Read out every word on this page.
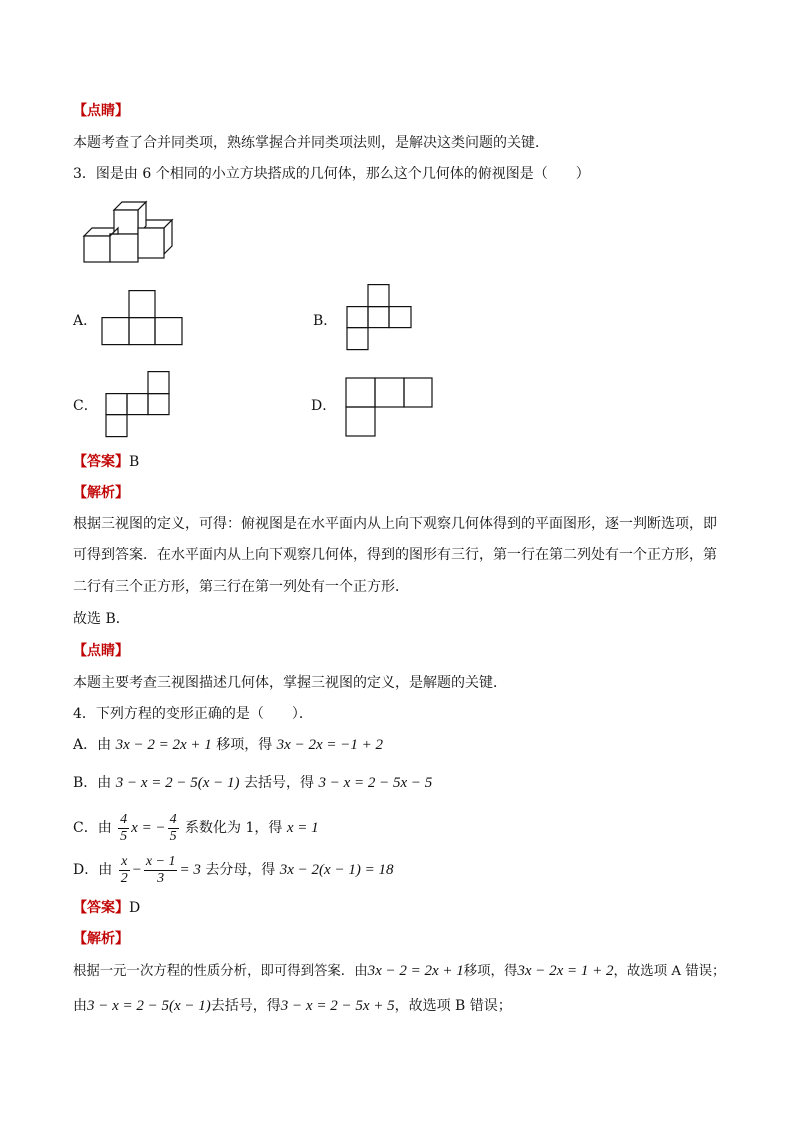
【点睛】
本题考查了合并同类项，熟练掌握合并同类项法则，是解决这类问题的关键．
3．图是由 6 个相同的小立方块搭成的几何体，那么这个几何体的俯视图是（　　）
A．	B．
C．	D．
【答案】B
【解析】
根据三视图的定义，可得：俯视图是在水平面内从上向下观察几何体得到的平面图形，逐一判断选项，即
可得到答案．在水平面内从上向下观察几何体，得到的图形有三行，第一行在第二列处有一个正方形，第
二行有三个正方形，第三行在第一列处有一个正方形．
故选 B．
【点睛】
本题主要考查三视图描述几何体，掌握三视图的定义，是解题的关键．
4．下列方程的变形正确的是（　　）．
A．由 3x − 2 = 2x + 1 移项，得 3x − 2x = −1 + 2
B．由 3 − x = 2 − 5(x − 1) 去括号，得 3 − x = 2 − 5x − 5
C．由 $\frac{4}{5}$ x = − $\frac{4}{5}$ 系数化为 1，得 x = 1
D．由 $\frac{x}{2} - \frac{x - 1}{3} = 3$ 去分母，得 3x − 2(x − 1) = 18
【答案】D
【解析】
根据一元一次方程的性质分析，即可得到答案．由3x − 2 = 2x + 1移项，得3x − 2x = 1 + 2，故选项 A 错误；
由3 − x = 2 − 5(x − 1)去括号，得3 − x = 2 − 5x + 5，故选项 B 错误；
